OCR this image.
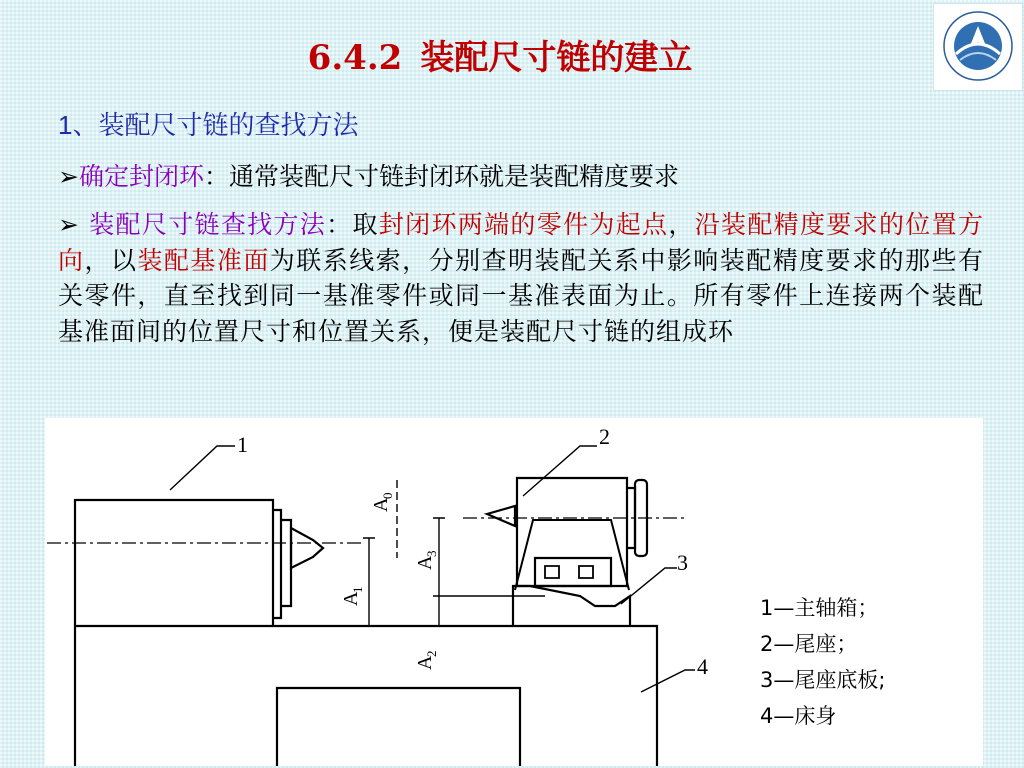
6.4.2 装配尺寸链的建立
1、装配尺寸链的查找方法
➢确定封闭环：通常装配尺寸链封闭环就是装配精度要求
➢ 装配尺寸链查找方法：取封闭环两端的零件为起点，沿装配精度要求的位置方向，以装配基准面为联系线索，分别查明装配关系中影响装配精度要求的那些有关零件，直至找到同一基准零件或同一基准表面为止。所有零件上连接两个装配基准面间的位置尺寸和位置关系，便是装配尺寸链的组成环
1	2
3
4
A
1
A
0
A
3
A
2
1—主轴箱；
2—尾座；
3—尾座底板;
4—床身
